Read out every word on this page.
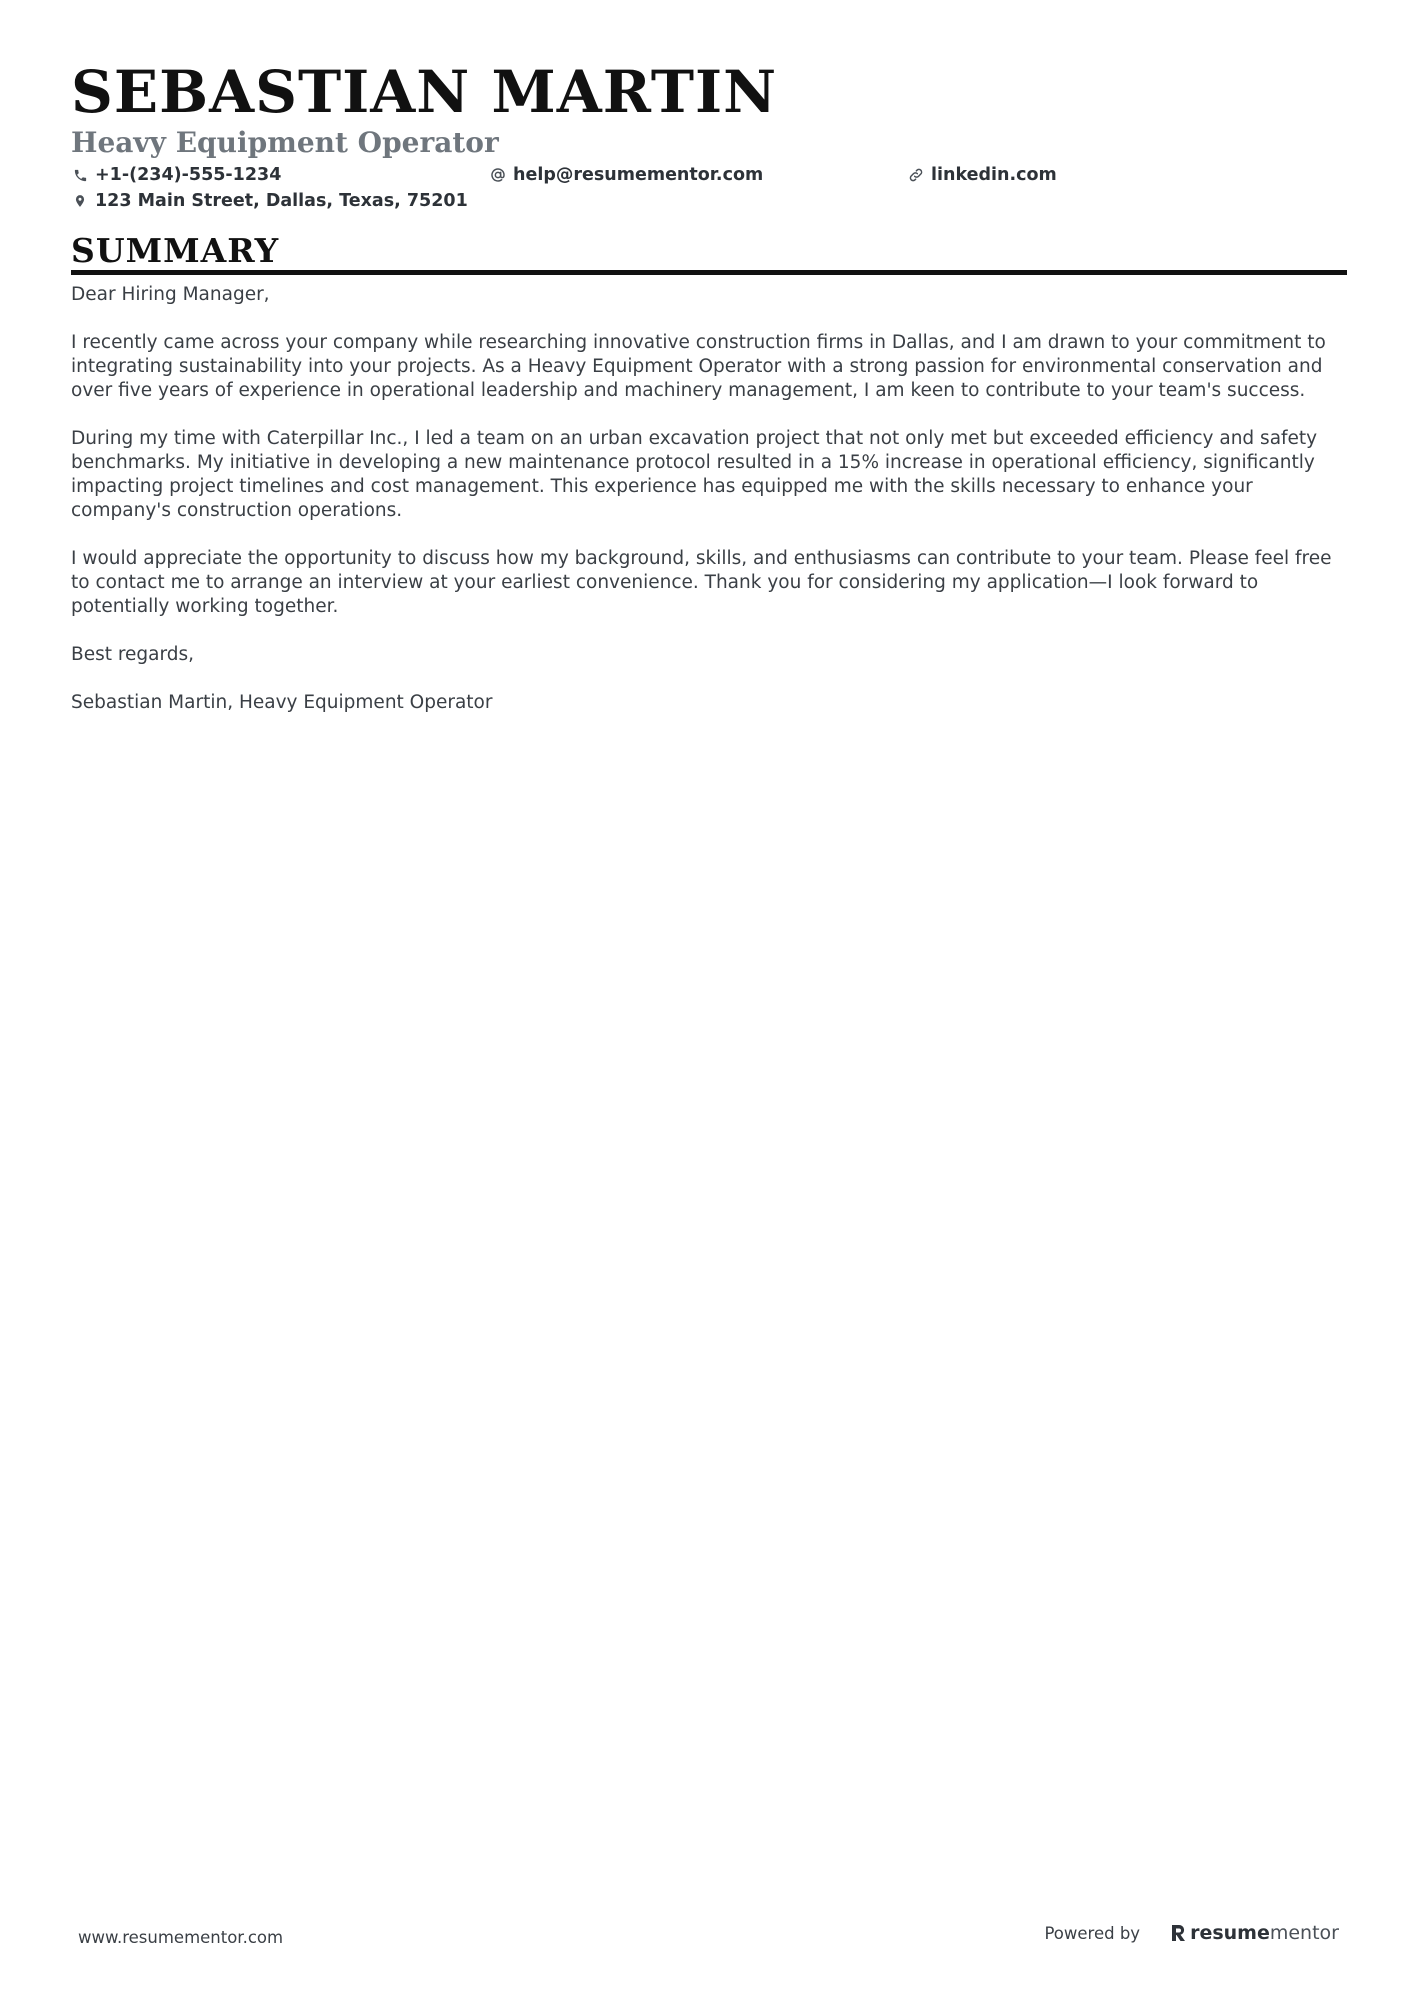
SEBASTIAN MARTIN
Heavy Equipment Operator
+1-(234)-555-1234	help@resumementor.com	linkedin.com
123 Main Street, Dallas, Texas, 75201
SUMMARY

Dear Hiring Manager,

I recently came across your company while researching innovative construction firms in Dallas, and I am drawn to your commitment to integrating sustainability into your projects. As a Heavy Equipment Operator with a strong passion for environmental conservation and over five years of experience in operational leadership and machinery management, I am keen to contribute to your team's success.

During my time with Caterpillar Inc., I led a team on an urban excavation project that not only met but exceeded efficiency and safety benchmarks. My initiative in developing a new maintenance protocol resulted in a 15% increase in operational efficiency, significantly impacting project timelines and cost management. This experience has equipped me with the skills necessary to enhance your company's construction operations.

I would appreciate the opportunity to discuss how my background, skills, and enthusiasms can contribute to your team. Please feel free to contact me to arrange an interview at your earliest convenience. Thank you for considering my application—I look forward to potentially working together.

Best regards,

Sebastian Martin, Heavy Equipment Operator

www.resumementor.com	Powered by	resume mentor
